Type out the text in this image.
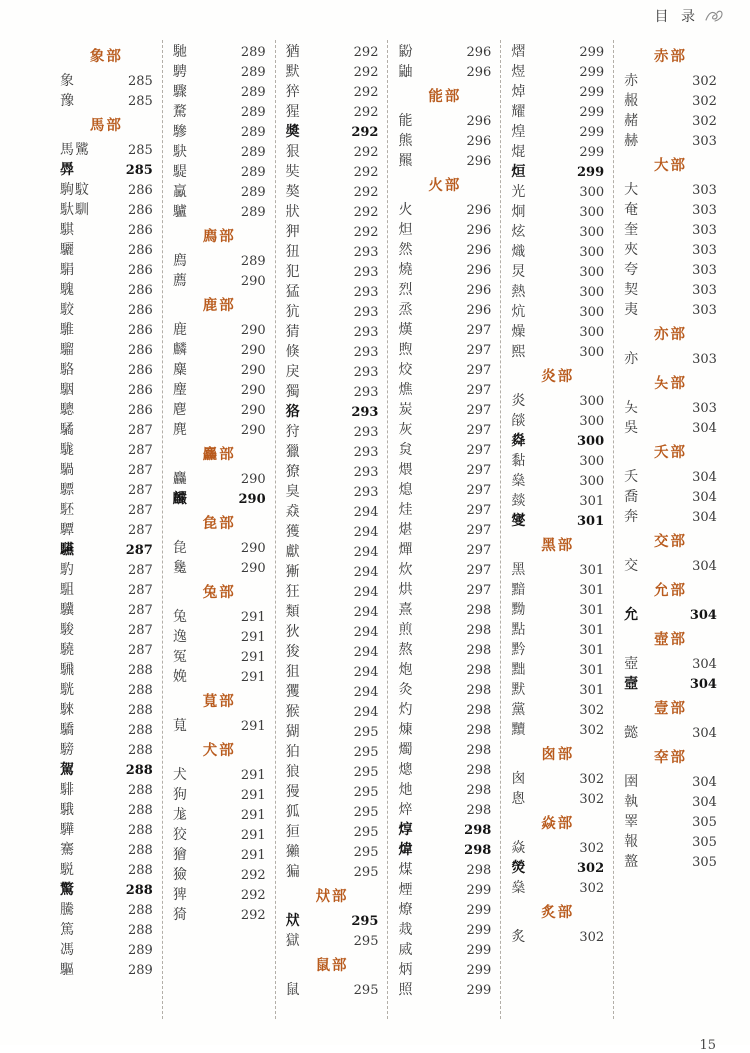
目 录
象部
象	285
豫	285
馬部
馬騭	285
馵	285
駒馼	286
馱馴	286
騏	286
驪	286
駽	286
騩	286
駮	286
騅	286
騮	286
駱	286
駰	286
驄	286
驈	287
駹	287
騧	287
驃	287
駓	287
驔	287
驠	287
馰	287
駔	287
驥	287
駿	287
驍	287
騛	288
駫	288
騋	288
驕	288
騯	288
駕	288
騑	288
騀	288
驊	288
騫	288
駾	288
驚	288
騰	288
篤	288
馮	289
驅	289
馳	289
騁	289
驟	289
騖	289
驂	289
駃	289
騠	289
驘	289
驢	289
廌部
廌	289
薦	290
鹿部
鹿	290
麟	290
麋	290
麈	290
麀	290
麂	290
麤部
麤	290
麣	290
㲋部
㲋	290
毚	290
兔部
兔	291
逸	291
冤	291
娩	291
萈部
萈	291
犬部
犬	291
狗	291
尨	291
狡	291
獪	291
獫	292
猈	292
猗	292
猶	292
默	292
猝	292
猩	292
奬	292
狠	292
奘	292
獒	292
狀	292
狎	292
狃	293
犯	293
猛	293
犺	293
猜	293
倏	293
戾	293
獨	293
狢	293
狩	293
獵	293
獠	293
臭	293
猋	294
獲	294
獻	294
獑	294
狂	294
類	294
狄	294
狻	294
狙	294
玃	294
猴	294
猢	295
狛	295
狼	295
獌	295
狐	295
狟	295
獺	295
猵	295
㹜部
㹜	295
獄	295
鼠部
鼠	295
鼢	296
鼬	296
能部
能	296
熊	296
羆	296
火部
火	296
炟	296
然	296
燒	296
烈	296
烝	296
熯	297
煦	297
烄	297
燋	297
炭	297
灰	297
炱	297
煨	297
熄	297
烓	297
煁	297
燀	297
炊	297
烘	297
熹	298
煎	298
熬	298
炮	298
灸	298
灼	298
煉	298
燭	298
熜	298
灺	298
焠	298
焞	298
煒	298
煤	298
煙	299
燎	299
烖	299
烕	299
炳	299
照	299
熠	299
煜	299
焯	299
耀	299
煌	299
焜	299
烜	299
光	300
炯	300
炫	300
熾	300
炅	300
熱	300
炕	300
燥	300
熙	300
炎部
炎	300
燄	300
㷠	300
黏	300
燊	300
燅	301
燮	301
黑部
黑	301
黯	301
黝	301
點	301
黔	301
黜	301
默	301
黨	302
黷	302
囪部
囪	302
悤	302
焱部
焱	302
熒	302
燊	302
炙部
炙	302
赤部
赤	302
赧	302
赭	302
赫	303
大部
大	303
奄	303
奎	303
夾	303
夸	303
契	303
夷	303
亦部
亦	303
夨部
夨	303
吳	304
夭部
夭	304
喬	304
奔	304
交部
交	304
允部
允	304
壺部
壺	304
壼	304
壹部
懿	304
㚔部
圉	304
執	304
睪	305
報	305
盩	305
15
